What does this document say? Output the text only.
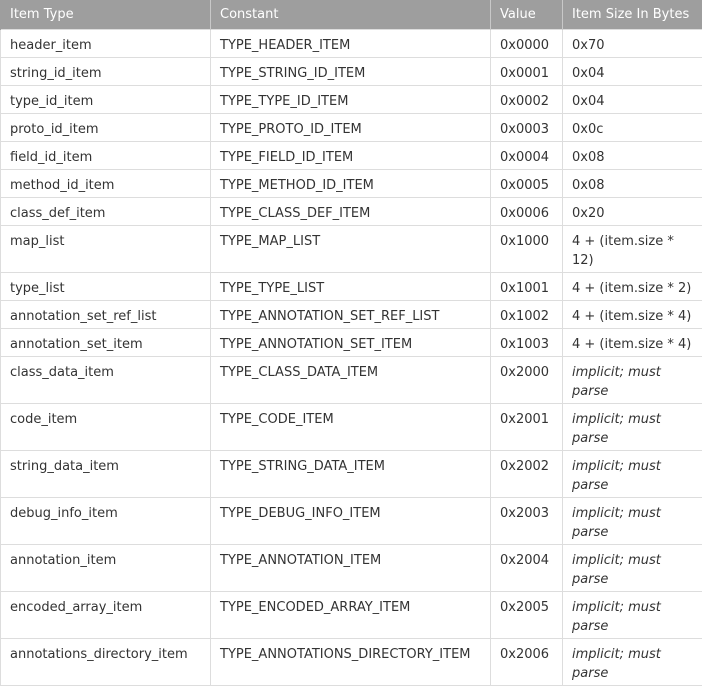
Item Type	Constant	Value	Item Size In Bytes
header_item	TYPE_HEADER_ITEM	0x0000	0x70
string_id_item	TYPE_STRING_ID_ITEM	0x0001	0x04
type_id_item	TYPE_TYPE_ID_ITEM	0x0002	0x04
proto_id_item	TYPE_PROTO_ID_ITEM	0x0003	0x0c
field_id_item	TYPE_FIELD_ID_ITEM	0x0004	0x08
method_id_item	TYPE_METHOD_ID_ITEM	0x0005	0x08
class_def_item	TYPE_CLASS_DEF_ITEM	0x0006	0x20
map_list	TYPE_MAP_LIST	0x1000	4 + (item.size * 12)
type_list	TYPE_TYPE_LIST	0x1001	4 + (item.size * 2)
annotation_set_ref_list	TYPE_ANNOTATION_SET_REF_LIST	0x1002	4 + (item.size * 4)
annotation_set_item	TYPE_ANNOTATION_SET_ITEM	0x1003	4 + (item.size * 4)
class_data_item	TYPE_CLASS_DATA_ITEM	0x2000	implicit; must parse
code_item	TYPE_CODE_ITEM	0x2001	implicit; must parse
string_data_item	TYPE_STRING_DATA_ITEM	0x2002	implicit; must parse
debug_info_item	TYPE_DEBUG_INFO_ITEM	0x2003	implicit; must parse
annotation_item	TYPE_ANNOTATION_ITEM	0x2004	implicit; must parse
encoded_array_item	TYPE_ENCODED_ARRAY_ITEM	0x2005	implicit; must parse
annotations_directory_item	TYPE_ANNOTATIONS_DIRECTORY_ITEM	0x2006	implicit; must parse
